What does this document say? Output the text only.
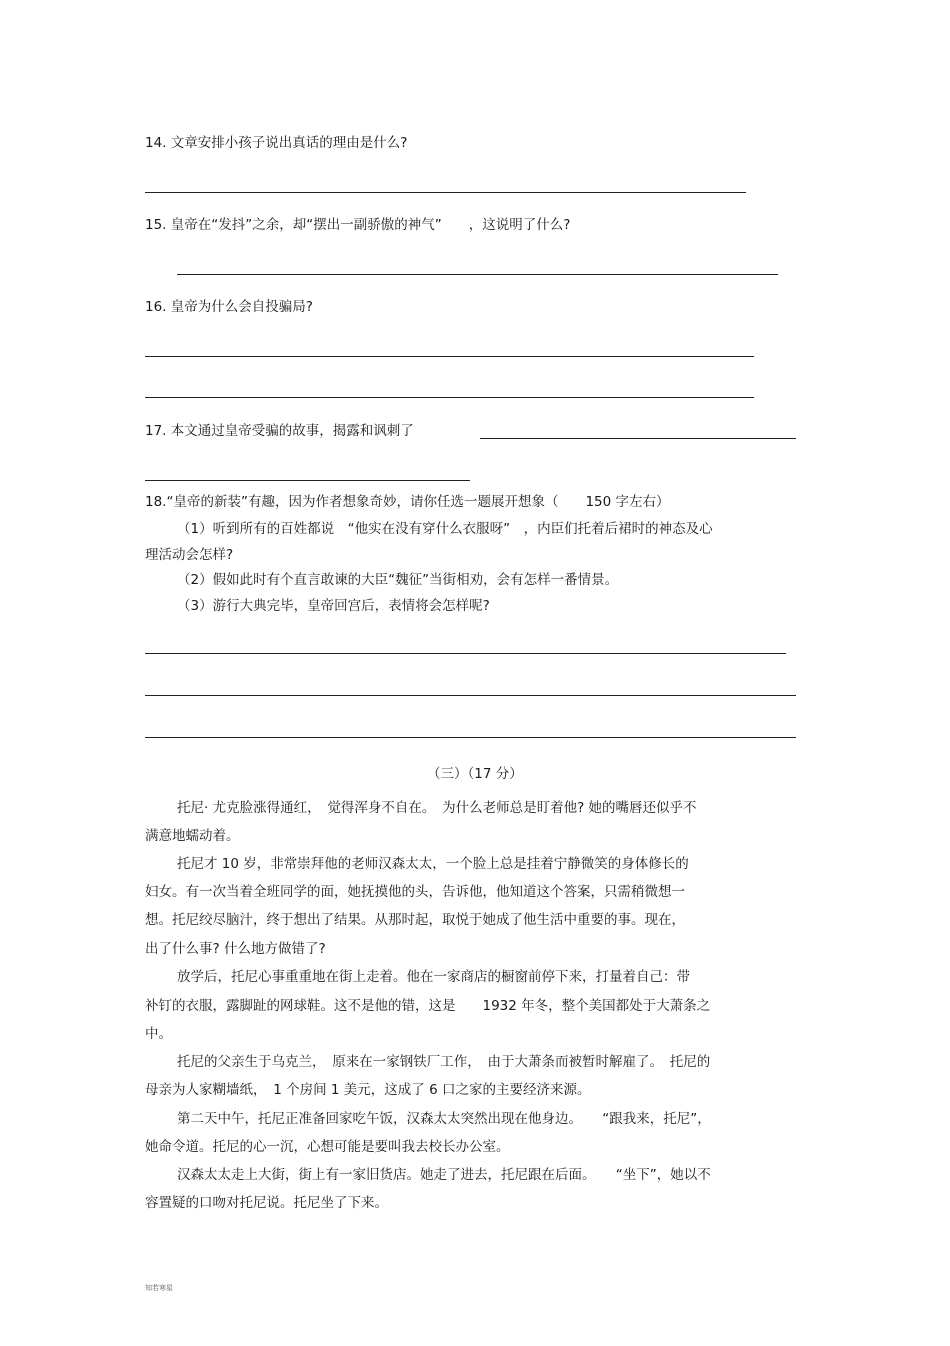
14. 文章安排小孩子说出真话的理由是什么?
15. 皇帝在“发抖”之余，却“摆出一副骄傲的神气”　　，这说明了什么?
16. 皇帝为什么会自投骗局?
17. 本文通过皇帝受骗的故事，揭露和讽刺了
18.“皇帝的新装”有趣，因为作者想象奇妙，请你任选一题展开想象（　　150 字左右）
（1）听到所有的百姓都说　“他实在没有穿什么衣服呀”　，内臣们托着后裙时的神态及心
理活动会怎样?
（2）假如此时有个直言敢谏的大臣“魏征”当街相劝，会有怎样一番情景。
（3）游行大典完毕，皇帝回宫后，表情将会怎样呢?
（三）（17 分）
托尼· 尤克脸涨得通红，　觉得浑身不自在。　为什么老师总是盯着他? 她的嘴唇还似乎不
满意地蠕动着。
托尼才 10 岁，非常崇拜他的老师汉森太太，一个脸上总是挂着宁静微笑的身体修长的
妇女。有一次当着全班同学的面，她抚摸他的头，告诉他，他知道这个答案，只需稍微想一
想。托尼绞尽脑汁，终于想出了结果。从那时起，取悦于她成了他生活中重要的事。现在，
出了什么事? 什么地方做错了?
放学后，托尼心事重重地在街上走着。他在一家商店的橱窗前停下来，打量着自己：带
补钉的衣服，露脚趾的网球鞋。这不是他的错，这是　　1932 年冬，整个美国都处于大萧条之
中。
托尼的父亲生于乌克兰，　原来在一家钢铁厂工作，　由于大萧条而被暂时解雇了。　托尼的
母亲为人家糊墙纸，　1 个房间 1 美元，这成了 6 口之家的主要经济来源。
第二天中午，托尼正准备回家吃午饭，汉森太太突然出现在他身边。　　“跟我来，托尼”，
她命令道。托尼的心一沉，心想可能是要叫我去校长办公室。
汉森太太走上大街，街上有一家旧货店。她走了进去，托尼跟在后面。　　“坐下”，她以不
容置疑的口吻对托尼说。托尼坐了下来。
知若寒星
